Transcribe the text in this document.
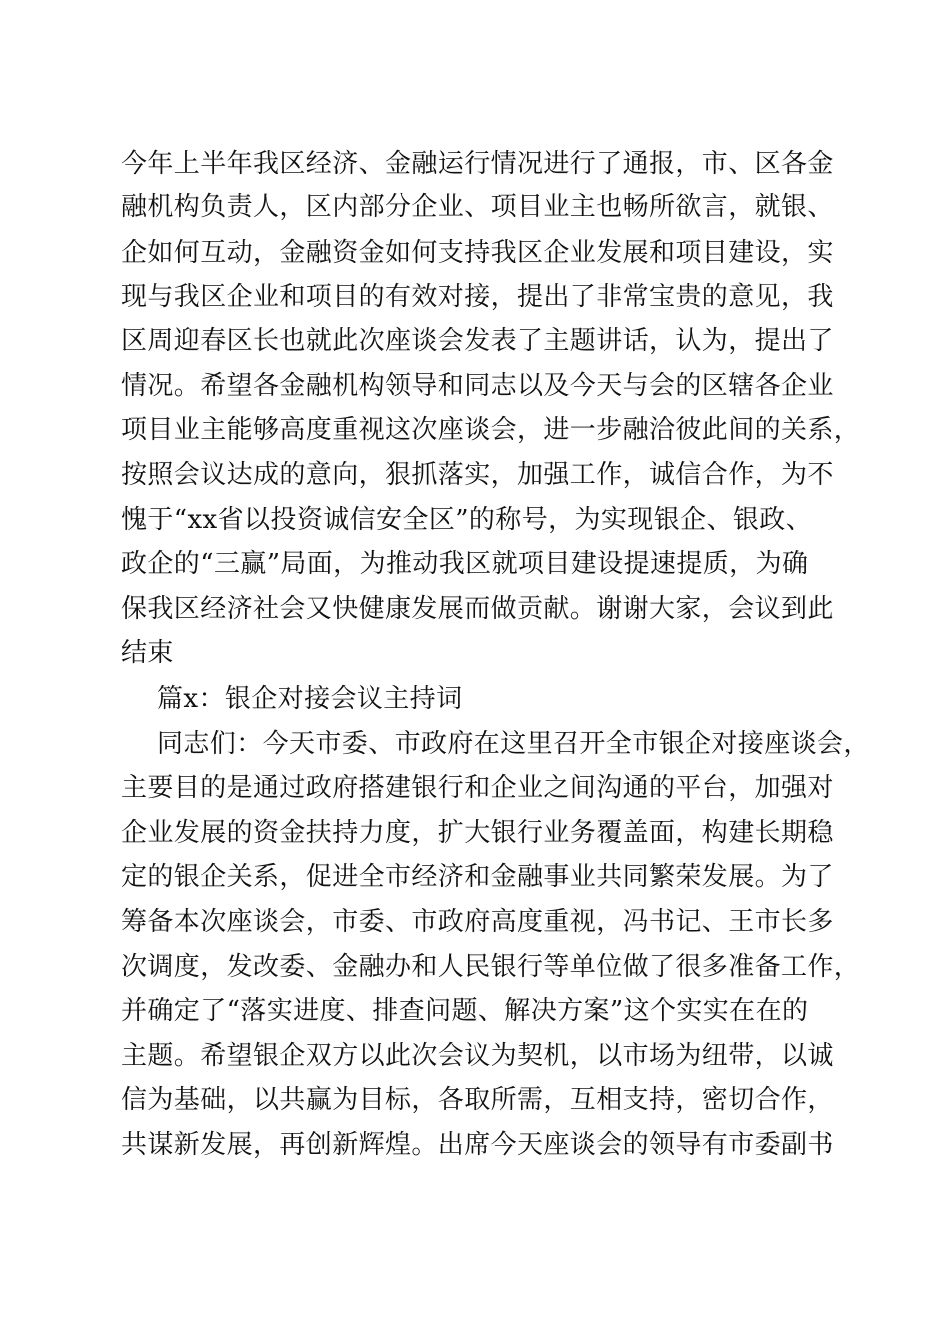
今年上半年我区经济、金融运行情况进行了通报，市、区各金
融机构负责人，区内部分企业、项目业主也畅所欲言，就银、
企如何互动，金融资金如何支持我区企业发展和项目建设，实
现与我区企业和项目的有效对接，提出了非常宝贵的意见，我
区周迎春区长也就此次座谈会发表了主题讲话，认为，提出了
情况。希望各金融机构领导和同志以及今天与会的区辖各企业
项目业主能够高度重视这次座谈会，进一步融洽彼此间的关系，
按照会议达成的意向，狠抓落实，加强工作，诚信合作，为不
愧于“xx省以投资诚信安全区”的称号，为实现银企、银政、
政企的“三赢”局面，为推动我区就项目建设提速提质，为确
保我区经济社会又快健康发展而做贡献。谢谢大家，会议到此
结束
篇x：银企对接会议主持词
同志们：今天市委、市政府在这里召开全市银企对接座谈会，
主要目的是通过政府搭建银行和企业之间沟通的平台，加强对
企业发展的资金扶持力度，扩大银行业务覆盖面，构建长期稳
定的银企关系，促进全市经济和金融事业共同繁荣发展。为了
筹备本次座谈会，市委、市政府高度重视，冯书记、王市长多
次调度，发改委、金融办和人民银行等单位做了很多准备工作，
并确定了“落实进度、排查问题、解决方案”这个实实在在的
主题。希望银企双方以此次会议为契机，以市场为纽带，以诚
信为基础，以共赢为目标，各取所需，互相支持，密切合作，
共谋新发展，再创新辉煌。出席今天座谈会的领导有市委副书
